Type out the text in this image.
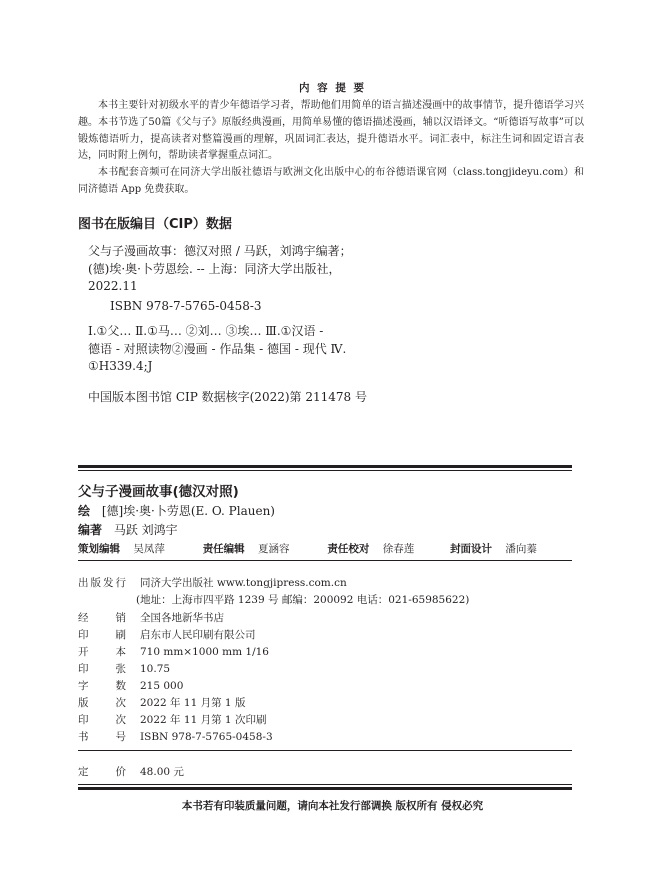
内 容 提 要

本书主要针对初级水平的青少年德语学习者，帮助他们用简单的语言描述漫画中的故事情节，提升德语学习兴趣。本书节选了50篇《父与子》原版经典漫画，用简单易懂的德语描述漫画，辅以汉语译文。“听德语写故事”可以锻炼德语听力，提高读者对整篇漫画的理解，巩固词汇表达，提升德语水平。词汇表中，标注生词和固定语言表达，同时附上例句，帮助读者掌握重点词汇。

本书配套音频可在同济大学出版社德语与欧洲文化出版中心的布谷德语课官网（class.tongjideyu.com）和同济德语 App 免费获取。

图书在版编目（CIP）数据
父与子漫画故事：德汉对照 / 马跃，刘鸿宇编著；
(德)埃·奥·卜劳恩绘. -- 上海：同济大学出版社，
2022.11
ISBN 978-7-5765-0458-3
Ⅰ.①父… Ⅱ.①马… ②刘… ③埃… Ⅲ.①汉语 -
德语 - 对照读物②漫画 - 作品集 - 德国 - 现代 Ⅳ.
①H339.4;J
中国版本图书馆 CIP 数据核字(2022)第 211478 号
父与子漫画故事(德汉对照)
绘 [德]埃·奥·卜劳恩(E. O. Plauen)
编著 马跃 刘鸿宇
策划编辑 吴凤萍	责任编辑 夏涵容	责任校对 徐春莲	封面设计 潘向蓁
出版发行 同济大学出版社 www.tongjipress.com.cn
(地址：上海市四平路 1239 号 邮编：200092 电话：021-65985622)
经销 全国各地新华书店
印刷 启东市人民印刷有限公司
开本 710 mm×1000 mm 1/16
印张 10.75
字数 215 000
版次 2022 年 11 月第 1 版
印次 2022 年 11 月第 1 次印刷
书号 ISBN 978-7-5765-0458-3
定价 48.00 元
本书若有印装质量问题，请向本社发行部调换 版权所有 侵权必究
